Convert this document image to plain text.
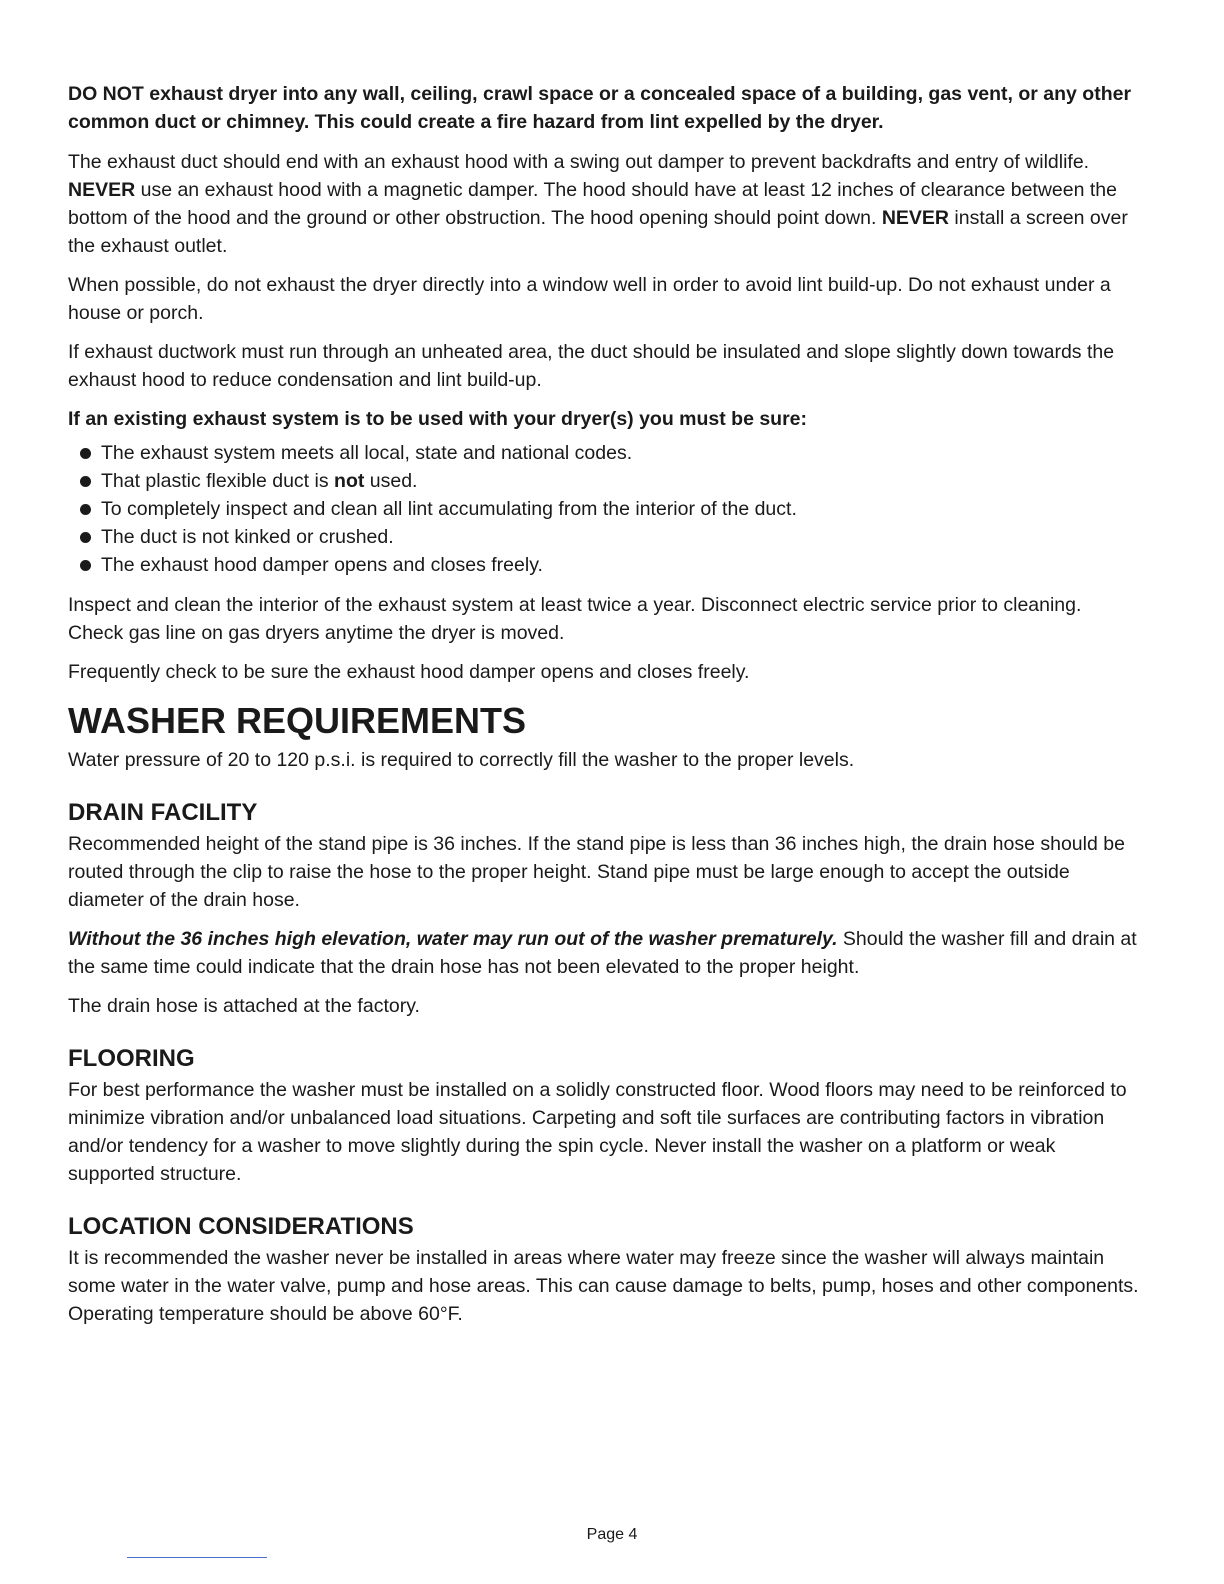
DO NOT exhaust dryer into any wall, ceiling, crawl space or a concealed space of a building, gas vent, or any other common duct or chimney. This could create a fire hazard from lint expelled by the dryer.

The exhaust duct should end with an exhaust hood with a swing out damper to prevent backdrafts and entry of wildlife. NEVER use an exhaust hood with a magnetic damper. The hood should have at least 12 inches of clearance between the bottom of the hood and the ground or other obstruction. The hood opening should point down. NEVER install a screen over the exhaust outlet.

When possible, do not exhaust the dryer directly into a window well in order to avoid lint build-up. Do not exhaust under a house or porch.

If exhaust ductwork must run through an unheated area, the duct should be insulated and slope slightly down towards the exhaust hood to reduce condensation and lint build-up.

If an existing exhaust system is to be used with your dryer(s) you must be sure:

The exhaust system meets all local, state and national codes.
That plastic flexible duct is not used.
To completely inspect and clean all lint accumulating from the interior of the duct.
The duct is not kinked or crushed.
The exhaust hood damper opens and closes freely.

Inspect and clean the interior of the exhaust system at least twice a year. Disconnect electric service prior to cleaning. Check gas line on gas dryers anytime the dryer is moved.

Frequently check to be sure the exhaust hood damper opens and closes freely.

WASHER REQUIREMENTS

Water pressure of 20 to 120 p.s.i. is required to correctly fill the washer to the proper levels.

DRAIN FACILITY

Recommended height of the stand pipe is 36 inches. If the stand pipe is less than 36 inches high, the drain hose should be routed through the clip to raise the hose to the proper height. Stand pipe must be large enough to accept the outside diameter of the drain hose.

Without the 36 inches high elevation, water may run out of the washer prematurely. Should the washer fill and drain at the same time could indicate that the drain hose has not been elevated to the proper height.

The drain hose is attached at the factory.

FLOORING

For best performance the washer must be installed on a solidly constructed floor. Wood floors may need to be reinforced to minimize vibration and/or unbalanced load situations. Carpeting and soft tile surfaces are contributing factors in vibration and/or tendency for a washer to move slightly during the spin cycle. Never install the washer on a platform or weak supported structure.

LOCATION CONSIDERATIONS

It is recommended the washer never be installed in areas where water may freeze since the washer will always maintain some water in the water valve, pump and hose areas. This can cause damage to belts, pump, hoses and other components. Operating temperature should be above 60°F.

Page 4
